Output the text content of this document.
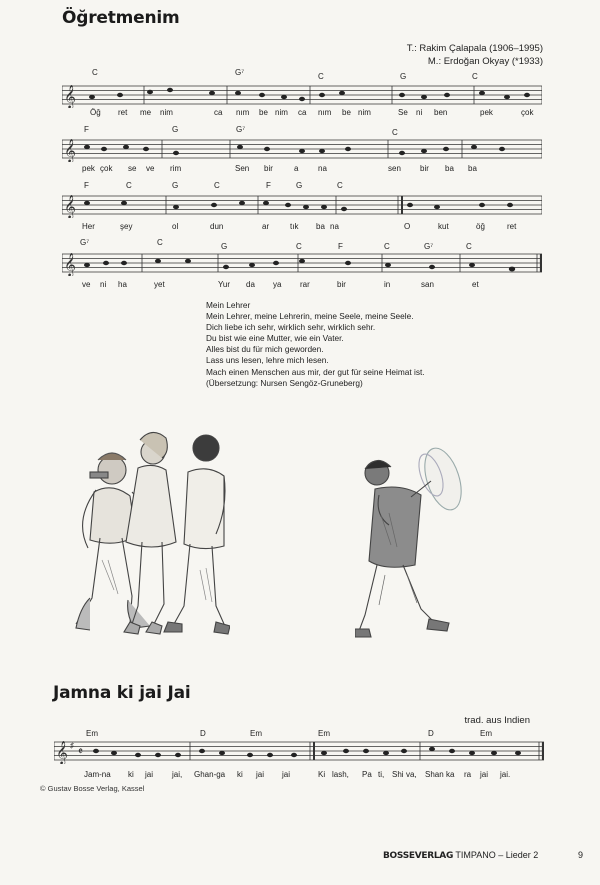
Öğretmenim
T.: Rakim Çalapala (1906–1995)
M.: Erdoğan Okyay (*1933)
C	G⁷	C	G	C
𝄞
Öğ ret me nim	ca nım be nim ca nım be nim	Se ni ben	pek	çok
F	G	G⁷	C
𝄞
pek çok se ve rim	Sen bir	a na	sen bir ba ba
F	C	G	C	F	G	C
𝄞
Her	şey	ol	dun	ar	tık ba na	O	kut	öğ	ret
G⁷	C	G	C	F	C	G⁷	C
𝄞
ve ni ha	yet	Yur da ya rar	bir	in	san	et
Mein Lehrer
Mein Lehrer, meine Lehrerin, meine Seele, meine Seele.
Dich liebe ich sehr, wirklich sehr, wirklich sehr.
Du bist wie eine Mutter, wie ein Vater.
Alles bist du für mich geworden.
Lass uns lesen, lehre mich lesen.
Mach einen Menschen aus mir, der gut für seine Heimat ist.
(Übersetzung: Nursen Sengöz-Gruneberg)
Jamna ki jai Jai
trad. aus Indien
Em	D	Em	Em	D	Em
𝄞 ♯ 𝄵
Jam-na ki jai jai, Ghan-ga ki jai jai	Ki lash, Pa ti, Shi va, Shan ka ra jai jai.
© Gustav Bosse Verlag, Kassel
BOSSEVERLAG TIMPANO – Lieder 2	9
